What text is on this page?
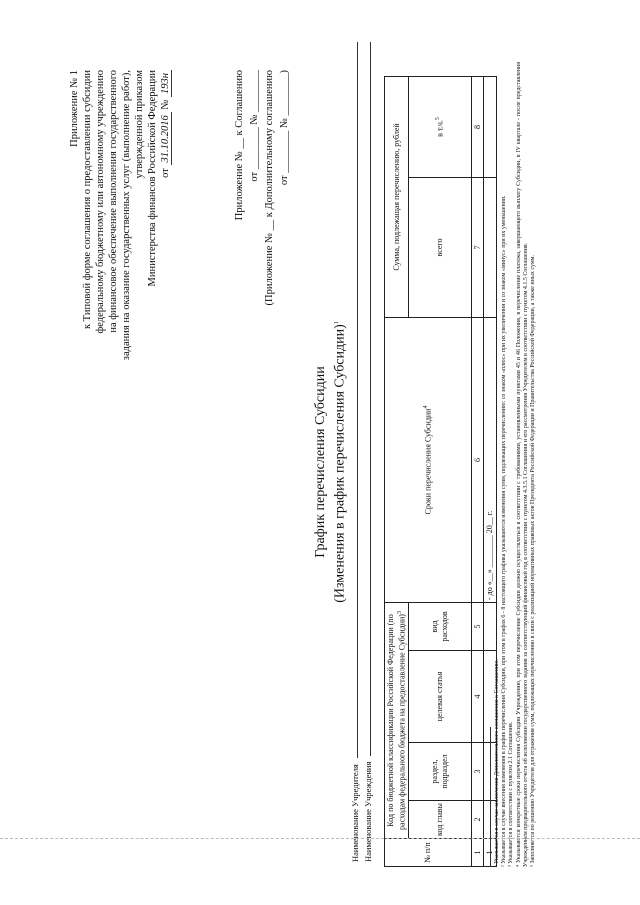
Приложение № 1 к Типовой форме соглашения о предоставлении субсидии федеральному бюджетному или автономному учреждению на финансовое обеспечение выполнения государственного задания на оказание государственных услуг (выполнение работ), утвержденной приказом Министерства финансов Российской Федерации от 31.10.2016 № 193н	Приложение № __ к Соглашению от ________ № ________ (Приложение № __ к Дополнительному соглашению от ________ № ________)
График перечисления Субсидии (Изменения в график перечисления Субсидии)$^1$
Наименование Учредителя Наименование Учреждения	№ п/п	Код по бюджетной классификации Российской Федерации (по расходам федерального бюджета на предоставление Субсидии)$^3$				Сроки перечисления Субсидии$^4$	Сумма, подлежащая перечислению, рублей	
	код главы	раздел, подраздел	целевая статья	вид расходов		всего	в т.ч.$^5$
1	2	3	4	5	6	7	8
1					- до «__» ________ 20__ г.		

¹ Указывается в случае заключения Дополнительного соглашения к Соглашению. ² Указывается в случае внесения изменения в график перечисления Субсидии, при этом в графах 6 - 8 настоящего графика указываются изменения сумм, подлежащих перечислению: со знаком «плюс» при их увеличении и со знаком «минус» при их уменьшении. ³ Указывается в соответствии с пунктом 2.1 Соглашения. ⁴ Указываются конкретные сроки перечисления Субсидии Учреждению, при этом перечисление Субсидии должно осуществляться в соответствии с требованиями, установленными пунктами 45 и 46 Положения, в перечисление платежа, завершающего выплату Субсидии, в IV квартале - после представления Учреждением предварительного отчета об исполнении государственного задания за соответствующий финансовый год в соответствии с пунктом 4.3.5.1 Соглашения и его рассмотрения Учредителем в соответствии с пунктом 4.1.5 Соглашения. ⁵ Заполняется по решению Учредителя для отражения сумм, подлежащих перечислению в связи с реализацией нормативных правовых актов Президента Российской Федерации и Правительства Российской Федерации, а также иных сумм.
